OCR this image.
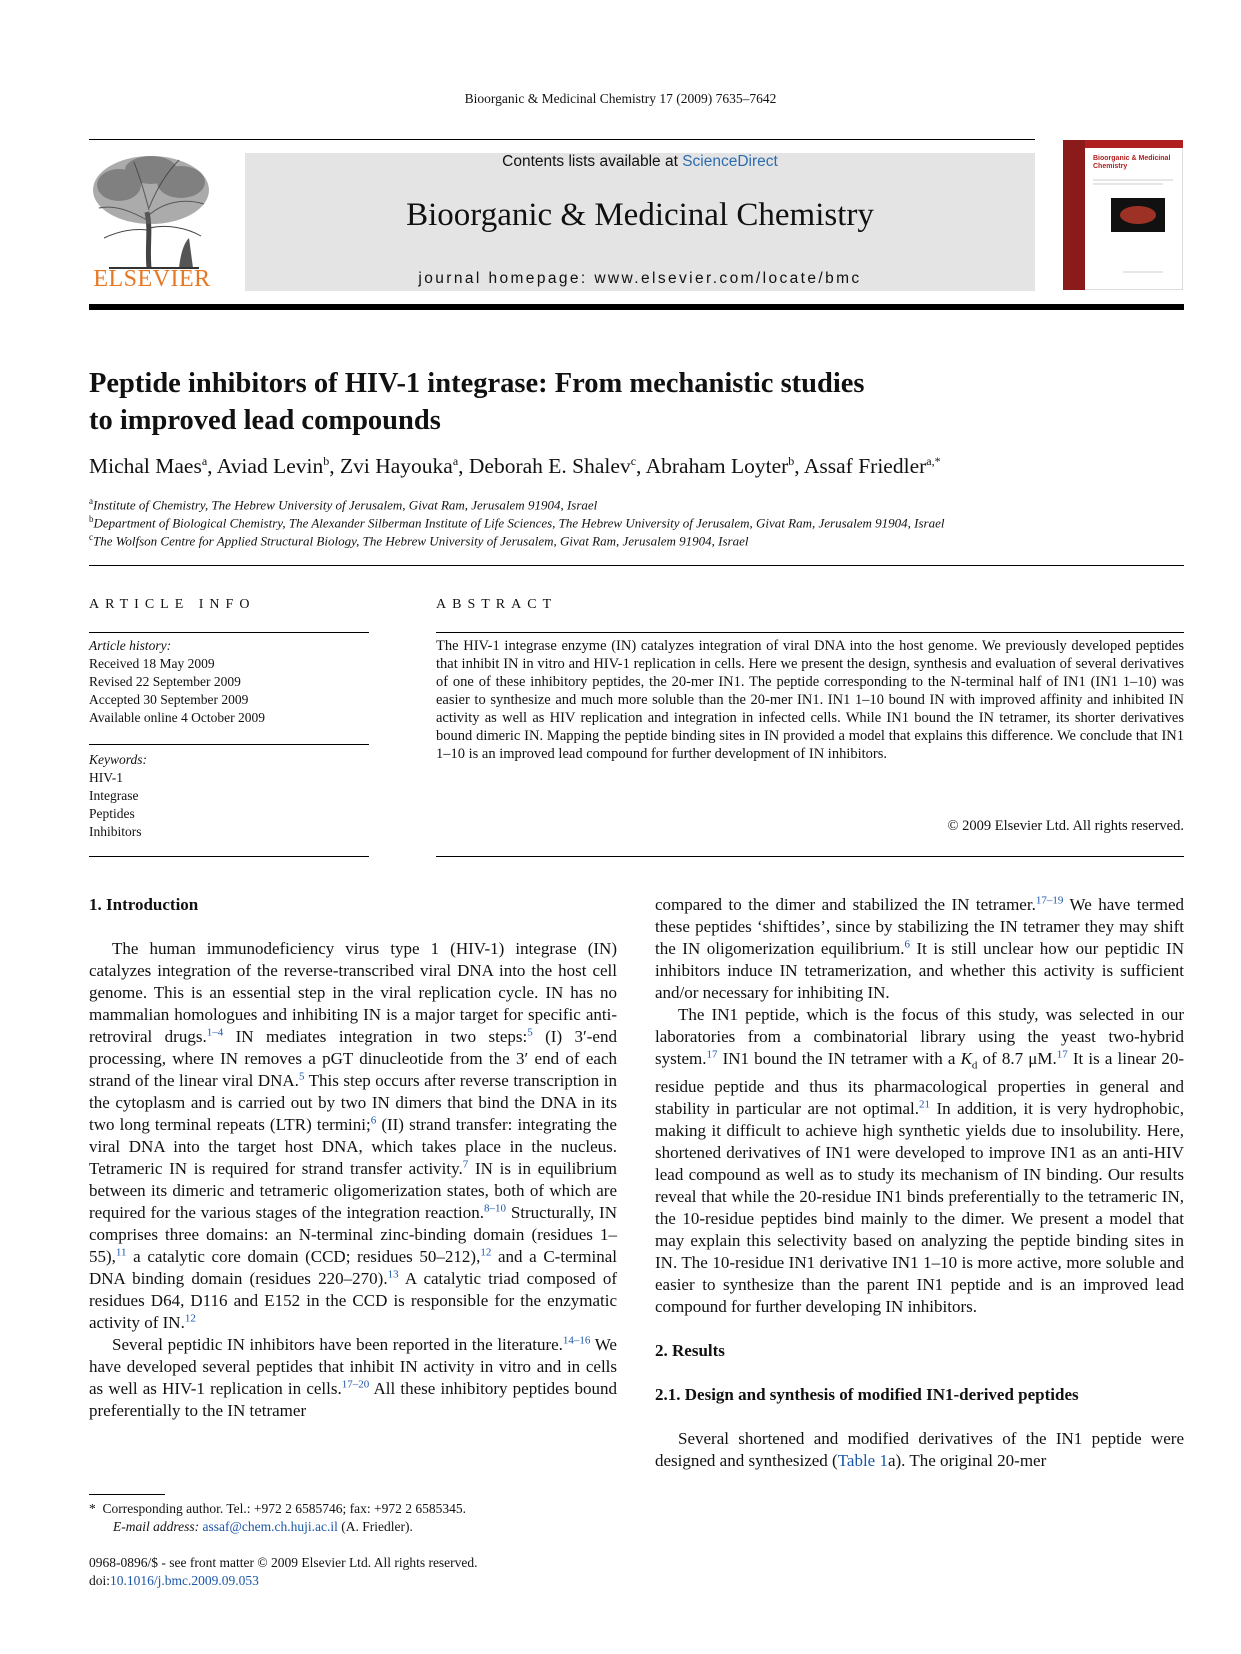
Bioorganic & Medicinal Chemistry 17 (2009) 7635–7642
ELSEVIER
Contents lists available at ScienceDirect
Bioorganic & Medicinal Chemistry
journal homepage: www.elsevier.com/locate/bmc
Bioorganic & Medicinal
Chemistry
Peptide inhibitors of HIV-1 integrase: From mechanistic studies
to improved lead compounds
Michal Maes$^a$, Aviad Levin$^b$, Zvi Hayouka$^a$, Deborah E. Shalev$^c$, Abraham Loyter$^b$, Assaf Friedler$^{a,*}$
$^a$Institute of Chemistry, The Hebrew University of Jerusalem, Givat Ram, Jerusalem 91904, Israel
$^b$Department of Biological Chemistry, The Alexander Silberman Institute of Life Sciences, The Hebrew University of Jerusalem, Givat Ram, Jerusalem 91904, Israel
$^c$The Wolfson Centre for Applied Structural Biology, The Hebrew University of Jerusalem, Givat Ram, Jerusalem 91904, Israel
ARTICLE INFO
Article history:
Received 18 May 2009
Revised 22 September 2009
Accepted 30 September 2009
Available online 4 October 2009
Keywords:
HIV-1
Integrase
Peptides
Inhibitors
ABSTRACT
The HIV-1 integrase enzyme (IN) catalyzes integration of viral DNA into the host genome. We previously developed peptides that inhibit IN in vitro and HIV-1 replication in cells. Here we present the design, synthesis and evaluation of several derivatives of one of these inhibitory peptides, the 20-mer IN1. The peptide corresponding to the N-terminal half of IN1 (IN1 1–10) was easier to synthesize and much more soluble than the 20-mer IN1. IN1 1–10 bound IN with improved affinity and inhibited IN activity as well as HIV replication and integration in infected cells. While IN1 bound the IN tetramer, its shorter derivatives bound dimeric IN. Mapping the peptide binding sites in IN provided a model that explains this difference. We conclude that IN1 1–10 is an improved lead compound for further development of IN inhibitors.
© 2009 Elsevier Ltd. All rights reserved.
1. Introduction

The human immunodeficiency virus type 1 (HIV-1) integrase (IN) catalyzes integration of the reverse-transcribed viral DNA into the host cell genome. This is an essential step in the viral replication cycle. IN has no mammalian homologues and inhibiting IN is a major target for specific anti-retroviral drugs.$^{1-4}$ IN mediates integration in two steps:$^5$ (I) 3′-end processing, where IN removes a pGT dinucleotide from the 3′ end of each strand of the linear viral DNA.$^5$ This step occurs after reverse transcription in the cytoplasm and is carried out by two IN dimers that bind the DNA in its two long terminal repeats (LTR) termini;$^6$ (II) strand transfer: integrating the viral DNA into the target host DNA, which takes place in the nucleus. Tetrameric IN is required for strand transfer activity.$^7$ IN is in equilibrium between its dimeric and tetrameric oligomerization states, both of which are required for the various stages of the integration reaction.$^{8-10}$ Structurally, IN comprises three domains: an N-terminal zinc-binding domain (residues 1–55),$^{11}$ a catalytic core domain (CCD; residues 50–212),$^{12}$ and a C-terminal DNA binding domain (residues 220–270).$^{13}$ A catalytic triad composed of residues D64, D116 and E152 in the CCD is responsible for the enzymatic activity of IN.$^{12}$

Several peptidic IN inhibitors have been reported in the literature.$^{14-16}$ We have developed several peptides that inhibit IN activity in vitro and in cells as well as HIV-1 replication in cells.$^{17-20}$ All these inhibitory peptides bound preferentially to the IN tetramer

* Corresponding author. Tel.: +972 2 6585746; fax: +972 2 6585345.
E-mail address: assaf@chem.ch.huji.ac.il (A. Friedler).
0968-0896/$ - see front matter © 2009 Elsevier Ltd. All rights reserved.
doi:10.1016/j.bmc.2009.09.053

compared to the dimer and stabilized the IN tetramer.$^{17-19}$ We have termed these peptides ‘shiftides’, since by stabilizing the IN tetramer they may shift the IN oligomerization equilibrium.$^6$ It is still unclear how our peptidic IN inhibitors induce IN tetramerization, and whether this activity is sufficient and/or necessary for inhibiting IN.

The IN1 peptide, which is the focus of this study, was selected in our laboratories from a combinatorial library using the yeast two-hybrid system.$^{17}$ IN1 bound the IN tetramer with a $K_d$ of 8.7 μM.$^{17}$ It is a linear 20-residue peptide and thus its pharmacological properties in general and stability in particular are not optimal.$^{21}$ In addition, it is very hydrophobic, making it difficult to achieve high synthetic yields due to insolubility. Here, shortened derivatives of IN1 were developed to improve IN1 as an anti-HIV lead compound as well as to study its mechanism of IN binding. Our results reveal that while the 20-residue IN1 binds preferentially to the tetrameric IN, the 10-residue peptides bind mainly to the dimer. We present a model that may explain this selectivity based on analyzing the peptide binding sites in IN. The 10-residue IN1 derivative IN1 1–10 is more active, more soluble and easier to synthesize than the parent IN1 peptide and is an improved lead compound for further developing IN inhibitors.

2. Results
2.1. Design and synthesis of modified IN1-derived peptides

Several shortened and modified derivatives of the IN1 peptide were designed and synthesized (Table 1a). The original 20-mer
